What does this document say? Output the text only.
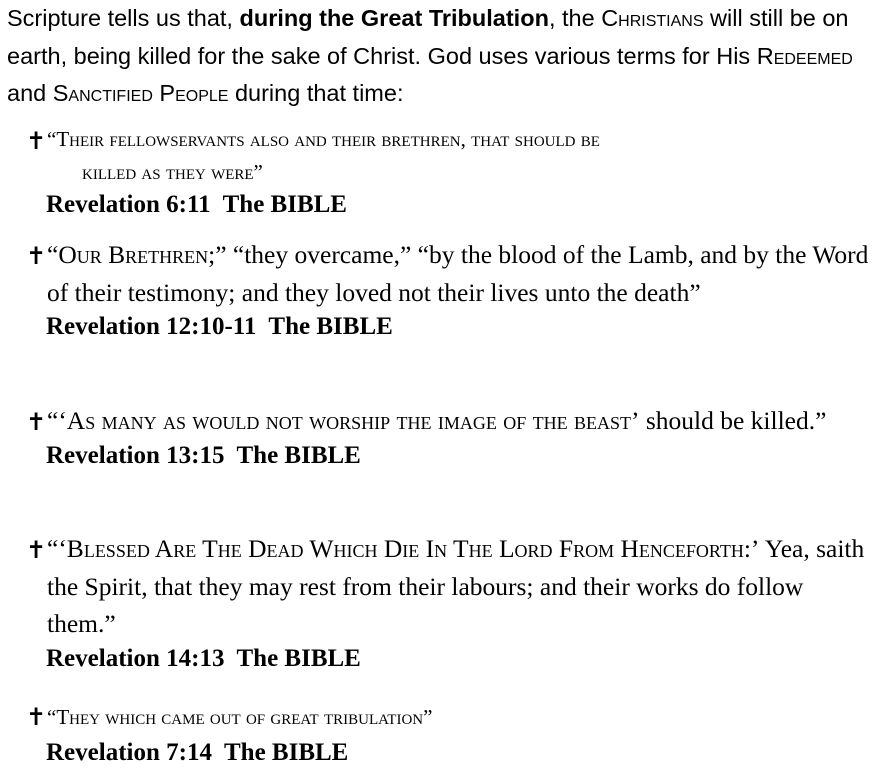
Scripture tells us that, during the Great Tribulation, the Christians will still be on earth, being killed for the sake of Christ. God uses various terms for His Redeemed and Sanctified People during that time:
✝ “Their fellowservants also and their brethren, that should be
killed as they were”
Revelation 6:11  The BIBLE
✝ “Our Brethren;” “they overcame,” “by the blood of the Lamb, and by the Word of their testimony; and they loved not their lives unto the death”
Revelation 12:10-11  The BIBLE
✝ “‘As many as would not worship the image of the beast’ should be killed.”
Revelation 13:15  The BIBLE
✝ “‘Blessed Are The Dead Which Die In The Lord From Henceforth:’ Yea, saith the Spirit, that they may rest from their labours; and their works do follow them.”
Revelation 14:13  The BIBLE
✝ “They which came out of great tribulation”
Revelation 7:14  The BIBLE
